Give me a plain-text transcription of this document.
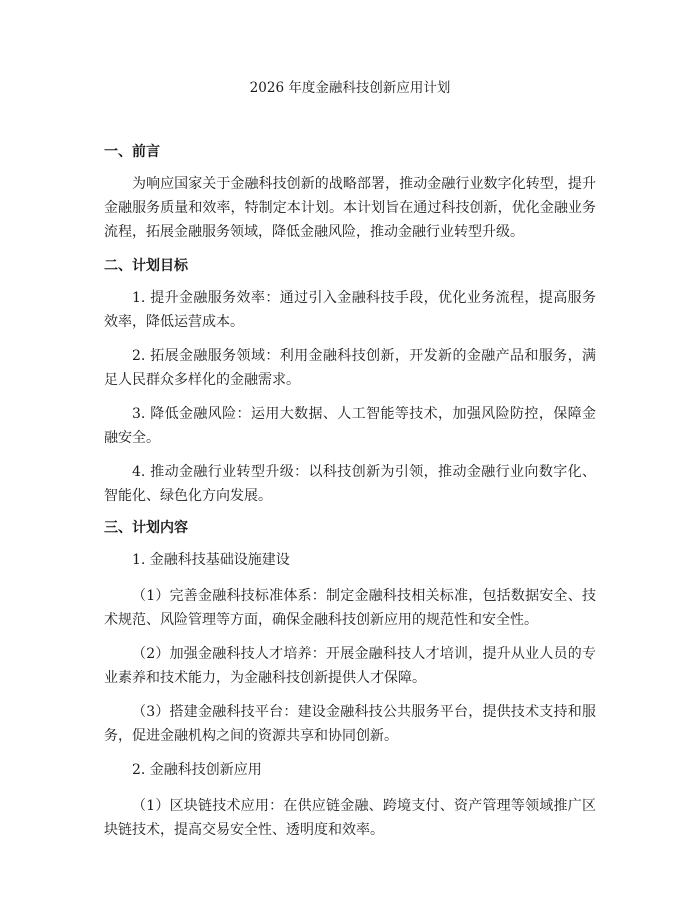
2026 年度金融科技创新应用计划
一、前言

为响应国家关于金融科技创新的战略部署，推动金融行业数字化转型，提升金融服务质量和效率，特制定本计划。本计划旨在通过科技创新，优化金融业务流程，拓展金融服务领域，降低金融风险，推动金融行业转型升级。

二、计划目标

1. 提升金融服务效率：通过引入金融科技手段，优化业务流程，提高服务效率，降低运营成本。

2. 拓展金融服务领域：利用金融科技创新，开发新的金融产品和服务，满足人民群众多样化的金融需求。

3. 降低金融风险：运用大数据、人工智能等技术，加强风险防控，保障金融安全。

4. 推动金融行业转型升级：以科技创新为引领，推动金融行业向数字化、智能化、绿色化方向发展。

三、计划内容

1. 金融科技基础设施建设

（1）完善金融科技标准体系：制定金融科技相关标准，包括数据安全、技术规范、风险管理等方面，确保金融科技创新应用的规范性和安全性。

（2）加强金融科技人才培养：开展金融科技人才培训，提升从业人员的专业素养和技术能力，为金融科技创新提供人才保障。

（3）搭建金融科技平台：建设金融科技公共服务平台，提供技术支持和服务，促进金融机构之间的资源共享和协同创新。

2. 金融科技创新应用

（1）区块链技术应用：在供应链金融、跨境支付、资产管理等领域推广区块链技术，提高交易安全性、透明度和效率。
